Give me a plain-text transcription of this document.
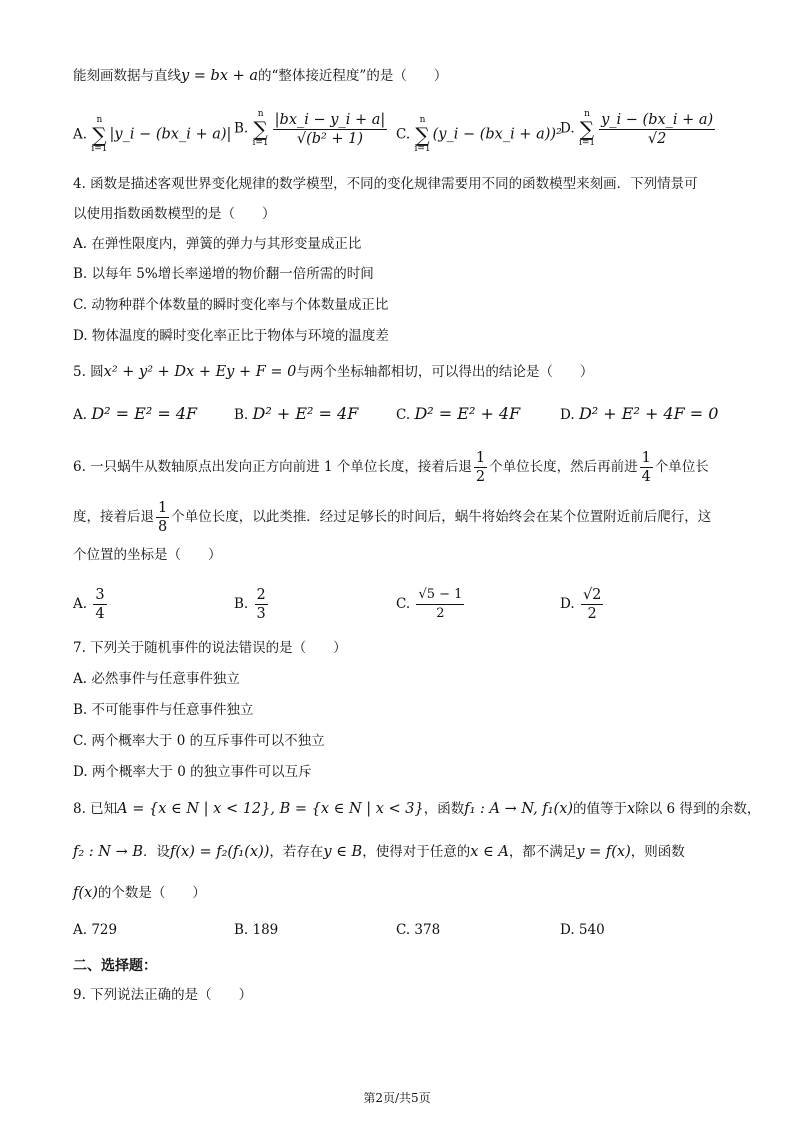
能刻画数据与直线y = bx + a的“整体接近程度”的是（　　）
A. n
∑
i=1|y_i − (bx_i + a)| B. n
∑
$i=1 \frac{|bx\_i - y\_i + a|}{\text{√(b² + 1)}} C$. n
∑
i=1(y_i − (bx_i + a))²
D. n
∑
$i=1 \frac{y\_i - (bx\_i + a)}{√2}$
4. 函数是描述客观世界变化规律的数学模型，不同的变化规律需要用不同的函数模型来刻画．下列情景可
以使用指数函数模型的是（　　）
A. 在弹性限度内，弹簧的弹力与其形变量成正比
B. 以每年 5%增长率递增的物价翻一倍所需的时间
C. 动物种群个体数量的瞬时变化率与个体数量成正比
D. 物体温度的瞬时变化率正比于物体与环境的温度差
5. 圆x² + y² + Dx + Ey + F = 0与两个坐标轴都相切，可以得出的结论是（　　）
A. D² = E² = 4F	B. D² + E² = 4F	C. D² = E² + 4F	D. D² + E² + 4F = 0
6. 一只蜗牛从数轴原点出发向正方向前进 1 个单位长度，接着后退 $\frac{1}{2}$ 个单位长度，然后再前进 $\frac{1}{4}$ 个单位长
度，接着后退 $\frac{1}{8}$ 个单位长度，以此类推．经过足够长的时间后，蜗牛将始终会在某个位置附近前后爬行，这
个位置的坐标是（　　）
A. $\frac{3}{4}$	B. $\frac{2}{3}$	C. $\frac{√5 - 1}{2}$	D. $\frac{√2}{2}$
7. 下列关于随机事件的说法错误的是（　　）
A. 必然事件与任意事件独立
B. 不可能事件与任意事件独立
C. 两个概率大于 0 的互斥事件可以不独立
D. 两个概率大于 0 的独立事件可以互斥
8. 已知A = {x ∈ N | x < 12}, B = {x ∈ N | x < 3}，函数f₁ : A → N, f₁(x)的值等于x除以 6 得到的余数，
f₂ : N → B．设f(x) = f₂(f₁(x))，若存在y ∈ B，使得对于任意的x ∈ A，都不满足y = f(x)，则函数
f(x)的个数是（　　）
A. 729	B. 189	C. 378	D. 540
二、选择题：
9. 下列说法正确的是（　　）
第2页/共5页
